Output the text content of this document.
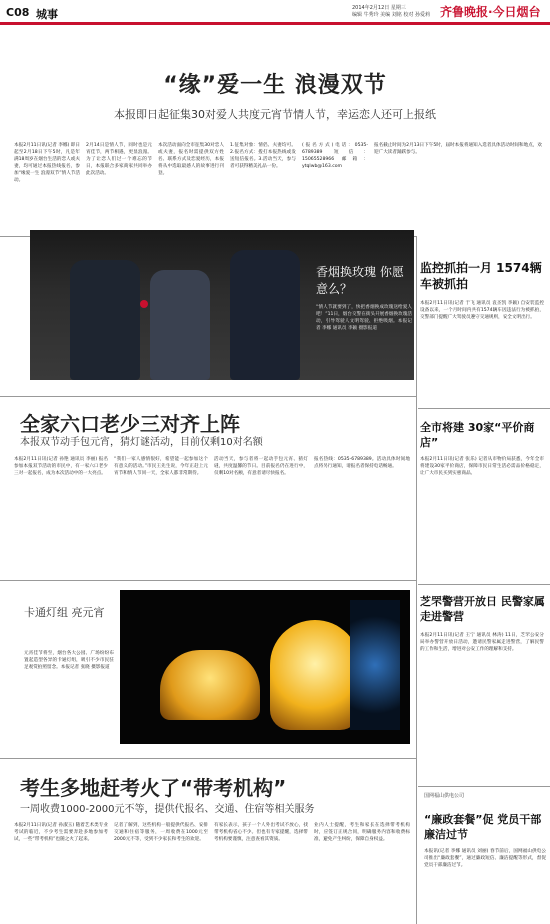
C08 城事	2014年2月12日 星期三
编辑 牛秀玲 美编 刘铭 校对 孙爱莉 齐鲁晚报·今日烟台
“缘”爱一生 浪漫双节
本报即日起征集30对爱人共度元宵节情人节，幸运恋人还可上报纸
本报2月11日讯(记者 李娜) 即日起至2月18日下午5时，凡是年满18周岁在烟台生活的恋人或夫妻，均可通过本报热线报名，参加“缘爱一生 浪漫双节”情人节活动。
2月14日是情人节，同时也是元宵佳节，两节相遇，更显浪漫。为了让恋人们过一个难忘的节日，本报联合多家商家共同举办此次活动。
本次活动面向全市征集30对恋人或夫妻，报名时需提供双方姓名、联系方式及恋爱经历，本报将从中选取最感人的故事进行刊登。
1.征集对象：情侣、夫妻均可。2.报名方式：拨打本报热线或发送短信报名。3.活动当天，参与者可获得精美礼品一份。
(报名方式)电话：0535-6789389 短信：15065528966 邮箱：ytqlwb@163.com
报名截止时间为2月13日下午5时，届时本报将通知入选者具体活动时间和地点，欢迎广大读者踊跃参与。
监控抓拍一月 1574辆车被抓拍
本报2月11日讯(记者 于飞 通讯员 袁圣凯 李颖) 自安装监控设备以来，一个月时间内共有1574辆车因违法行为被抓拍，交警部门提醒广大驾驶员遵守交通规则，安全文明出行。
香烟换玫瑰 你愿意么？
“情人节就要到了，快把香烟换成玫瑰送给爱人吧！”11日，烟台交警在街头开展香烟换玫瑰活动，引导驾驶人文明驾驶、拒绝吸烟。本报记者 李娜 通讯员 李颖 摄影报道
全家六口老少三对齐上阵
本报双节动手包元宵，猜灯谜活动，目前仅剩10对名额
本报2月11日讯(记者 孙艳 通讯员 李丽) 报名参加本报双节活动的市民中，有一家六口老少三对一起报名，成为本次活动中的一大亮点。
“我们一家人感情很好，希望能一起参加这个有意义的活动。”市民王先生说，今年正赶上元宵节和情人节同一天，全家人都非常期待。
活动当天，参与者将一起动手包元宵、猜灯谜，共度温馨的节日。目前报名仍在进行中，仅剩10对名额，有意者请尽快报名。
报名热线：0535-6789389。活动具体时间地点将另行通知，请报名者保持电话畅通。
全市将建 30家“平价商店”
本报2月11日讯(记者 张乐) 记者从市物价局获悉，今年全市将建设30家平价商店，保障市民日常生活必需品价格稳定，让广大市民买到实惠商品。
卡通灯组 亮元宵
元宵佳节将至，烟台各大公园、广场纷纷布置起造型各异的卡通灯组，吸引不少市民驻足观赏拍照留念。本报记者 张晓 摄影报道
芝罘警营开放日 民警家属走进警营
本报2月11日讯(记者 王宁 通讯员 林涛) 11日，芝罘公安分局举办警营开放日活动，邀请民警家属走进警营，了解民警的工作和生活，增进对公安工作的理解和支持。
考生多地赶考火了“带考机构”
一周收费1000-2000元不等，提供代报名、交通、住宿等相关服务
本报2月11日讯(记者 孙淑玉) 随着艺术类专业考试的临近，不少考生需要奔赴多地参加考试，一些“带考机构”也随之火了起来。
记者了解到，这些机构一般提供代报名、安排交通和住宿等服务，一周收费在1000元至2000元不等，受到不少家长和考生的欢迎。
有家长表示，孩子一个人外出考试不放心，找带考机构省心不少。但也有专家提醒，选择带考机构要谨慎，注意查看其资质。
业内人士提醒，考生和家长在选择带考机构时，应签订正规合同，明确服务内容和收费标准，避免产生纠纷，保障自身权益。
国网福山供电公司
“廉政套餐”促 党员干部廉洁过节
本报讯(记者 李娜 通讯员 刘丽) 春节前后，国网福山供电公司推出“廉政套餐”，通过廉政短信、廉洁提醒等形式，督促党员干部廉洁过节。
